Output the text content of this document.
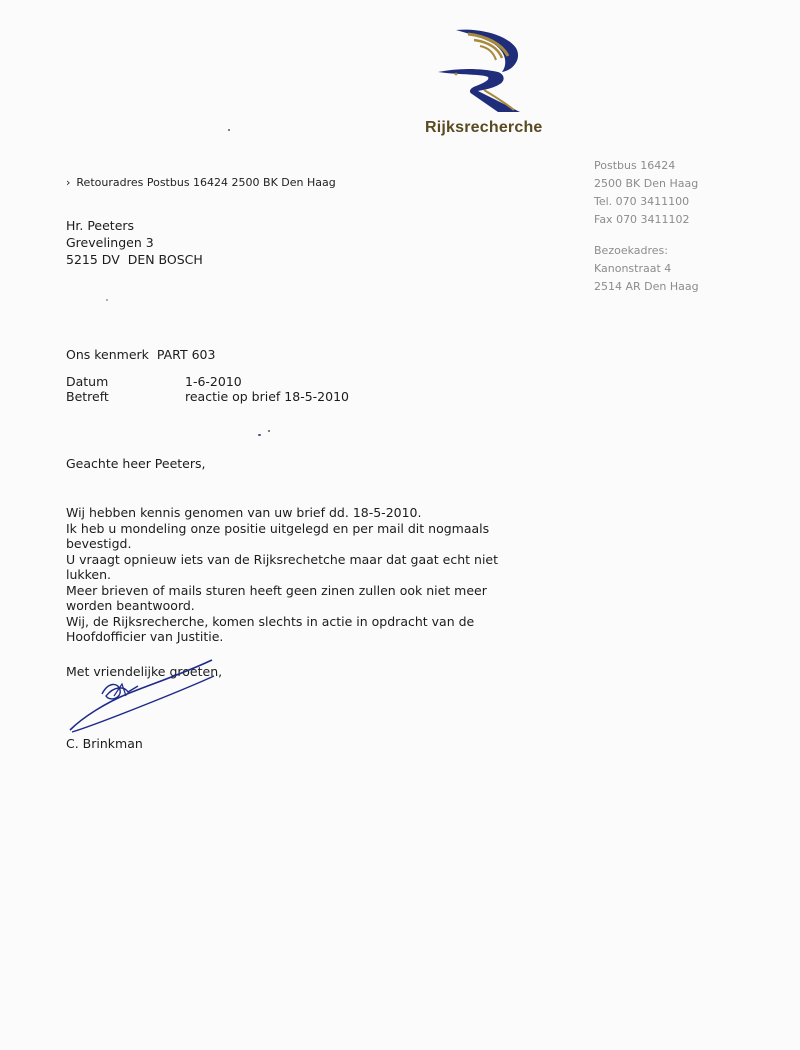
Rijksrecherche
› Retouradres Postbus 16424 2500 BK Den Haag
Hr. Peeters
Grevelingen 3
5215 DV  DEN BOSCH
Postbus 16424
2500 BK Den Haag
Tel. 070 3411100
Fax 070 3411102
Bezoekadres:
Kanonstraat 4
2514 AR Den Haag
Ons kenmerk PART 603
Datum	1-6-2010
Betreft	reactie op brief 18-5-2010
Geachte heer Peeters,
Wij hebben kennis genomen van uw brief dd. 18-5-2010.
Ik heb u mondeling onze positie uitgelegd en per mail dit nogmaals
bevestigd.
U vraagt opnieuw iets van de Rijksrechetche maar dat gaat echt niet
lukken.
Meer brieven of mails sturen heeft geen zinen zullen ook niet meer
worden beantwoord.
Wij, de Rijksrecherche, komen slechts in actie in opdracht van de
Hoofdofficier van Justitie.
Met vriendelijke groeten,
C. Brinkman
